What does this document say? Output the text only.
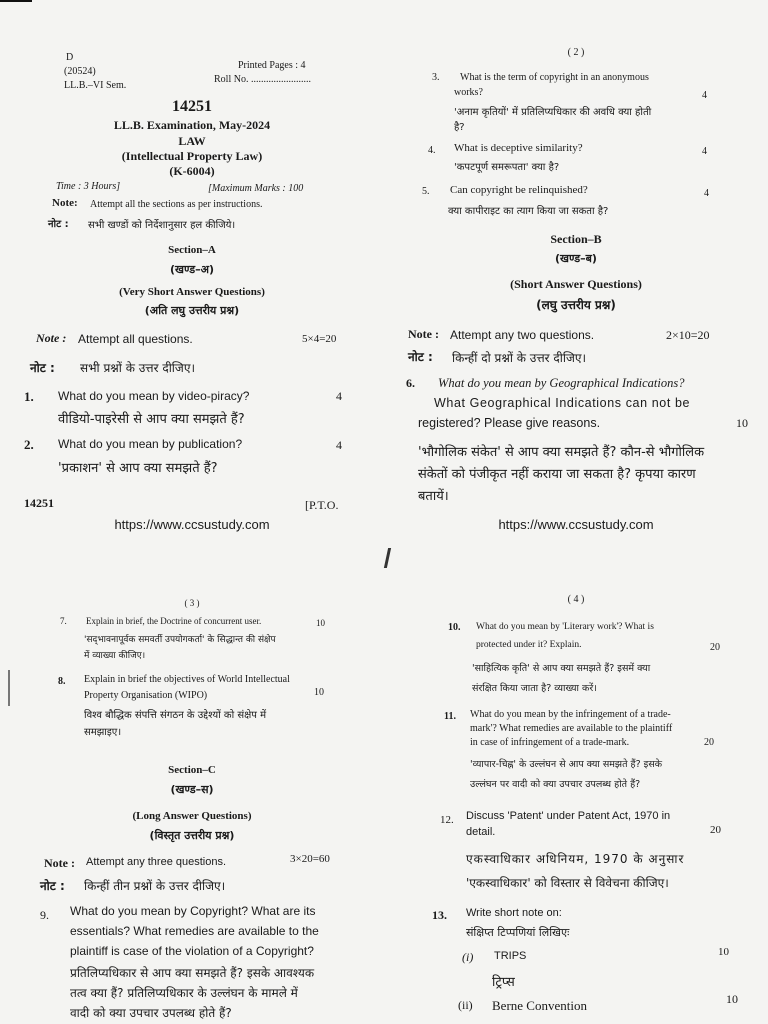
D
(20524)
LL.B.–VI Sem.
Printed Pages : 4
Roll No. ........................
14251
LL.B. Examination, May-2024
LAW
(Intellectual Property Law)
(K-6004)
Time : 3 Hours]	[Maximum Marks : 100
Note: Attempt all the sections as per instructions.
नोट : सभी खण्डों को निर्देशानुसार हल कीजिये।
Section–A
(खण्ड–अ)
(Very Short Answer Questions)
(अति लघु उत्तरीय प्रश्न)
Note : Attempt all questions.	5×4=20
नोट : सभी प्रश्नों के उत्तर दीजिए।
1. What do you mean by video-piracy?	4
वीडियो-पाइरेसी से आप क्या समझते हैं?
2. What do you mean by publication?	4
'प्रकाशन' से आप क्या समझते हैं?
14251	[P.T.O.
https://www.ccsustudy.com
( 2 )
3. What is the term of copyright in an anonymous
works?	4
'अनाम कृतियों' में प्रतिलिप्यधिकार की अवधि क्या होती
है?
4. What is deceptive similarity?	4
'कपटपूर्ण समरूपता' क्या है?
5. Can copyright be relinquished?	4
क्या कापीराइट का त्याग किया जा सकता है?
Section–B
(खण्ड–ब)
(Short Answer Questions)
(लघु उत्तरीय प्रश्न)
Note : Attempt any two questions.	2×10=20
नोट : किन्हीं दो प्रश्नों के उत्तर दीजिए।
6. What do you mean by Geographical Indications?
What Geographical Indications can not be
registered? Please give reasons.	10
'भौगोलिक संकेत' से आप क्या समझते हैं? कौन-से भौगोलिक
संकेतों को पंजीकृत नहीं कराया जा सकता है? कृपया कारण
बतायें।
https://www.ccsustudy.com
( 3 )
7. Explain in brief, the Doctrine of concurrent user.	10
'सद्‌भावनापूर्वक समवर्ती उपयोगकर्ता' के सिद्धान्त की संक्षेप
में व्याख्या कीजिए।
8. Explain in brief the objectives of World Intellectual
Property Organisation (WIPO)	10
विश्व बौद्धिक संपत्ति संगठन के उद्देश्यों को संक्षेप में
समझाइए।
Section–C
(खण्ड–स)
(Long Answer Questions)
(विस्तृत उत्तरीय प्रश्न)
Note : Attempt any three questions.	3×20=60
नोट : किन्हीं तीन प्रश्नों के उत्तर दीजिए।
9. What do you mean by Copyright? What are its
essentials? What remedies are available to the
plaintiff is case of the violation of a Copyright?
प्रतिलिप्यधिकार से आप क्या समझते हैं? इसके आवश्यक
तत्व क्या हैं? प्रतिलिप्यधिकार के उल्लंघन के मामले में
वादी को क्या उपचार उपलब्ध होते हैं?
( 4 )
10. What do you mean by 'Literary work'? What is
protected under it? Explain.	20
'साहित्यिक कृति' से आप क्या समझते हैं? इसमें क्या
संरक्षित किया जाता है? व्याख्या करें।
11. What do you mean by the infringement of a trade-
mark'? What remedies are available to the plaintiff
in case of infringement of a trade-mark.	20
'व्यापार-चिह्न' के उल्लंघन से आप क्या समझते हैं? इसके
उल्लंघन पर वादी को क्या उपचार उपलब्ध होते हैं?
12. Discuss 'Patent' under Patent Act, 1970 in
detail.	20
एकस्वाधिकार अधिनियम, 1970 के अनुसार
'एकस्वाधिकार' को विस्तार से विवेचना कीजिए।
13. Write short note on:
संक्षिप्त टिप्पणियां लिखिएः
(i) TRIPS	10
ट्रिप्स
(ii) Berne Convention	10
